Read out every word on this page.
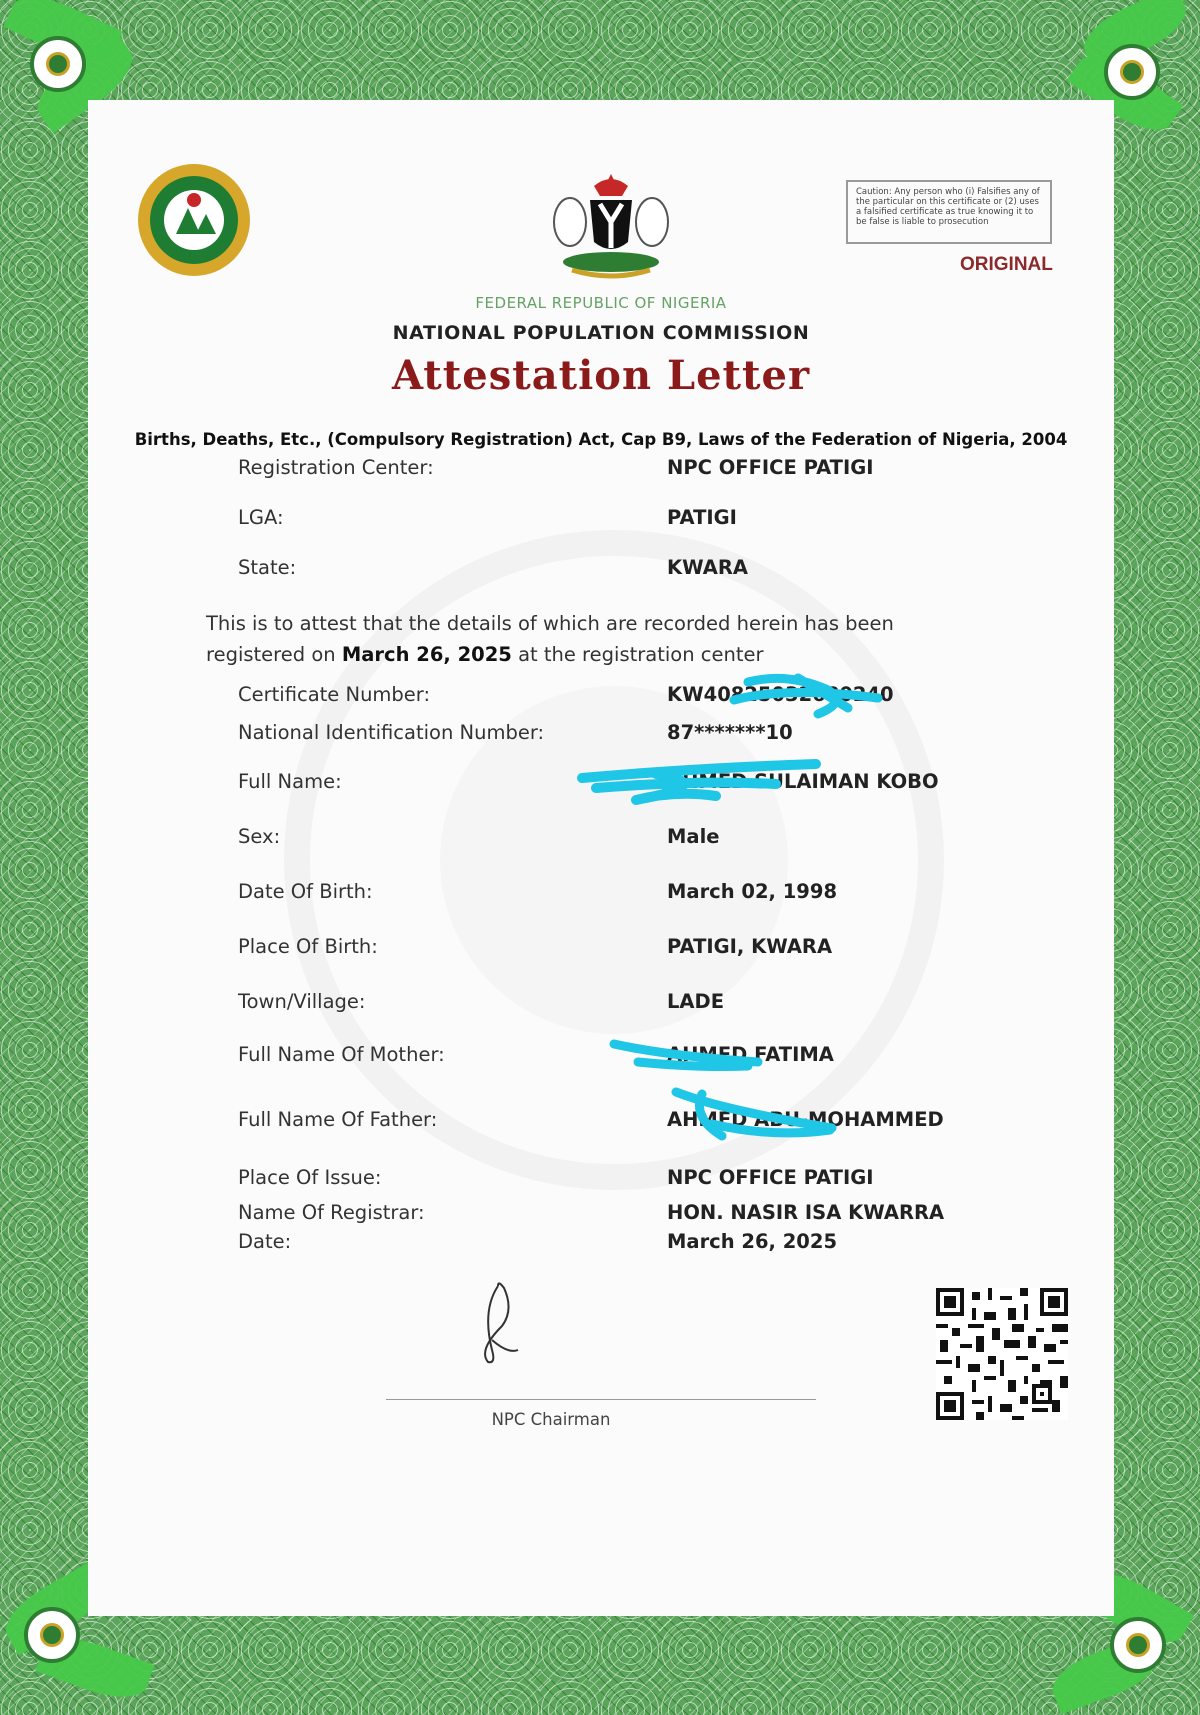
Caution: Any person who (i) Falsifies any of the particular on this certificate or (2) uses a falsified certificate as true knowing it to be false is liable to prosecution
ORIGINAL
FEDERAL REPUBLIC OF NIGERIA
NATIONAL POPULATION COMMISSION
Attestation Letter
Births, Deaths, Etc., (Compulsory Registration) Act, Cap B9, Laws of the Federation of Nigeria, 2004
Registration Center:	NPC OFFICE PATIGI
LGA:	PATIGI
State:	KWARA
This is to attest that the details of which are recorded herein has been registered on March 26, 2025 at the registration center
Certificate Number:	KW40825032680240
National Identification Number:	87*******10
Full Name:	AHMED SULAIMAN KOBO
Sex:	Male
Date Of Birth:	March 02, 1998
Place Of Birth:	PATIGI, KWARA
Town/Village:	LADE
Full Name Of Mother:	AHMED FATIMA
Full Name Of Father:	AHMED ABU-MOHAMMED
Place Of Issue:	NPC OFFICE PATIGI
Name Of Registrar:	HON. NASIR ISA KWARRA
Date:	March 26, 2025
NPC Chairman
